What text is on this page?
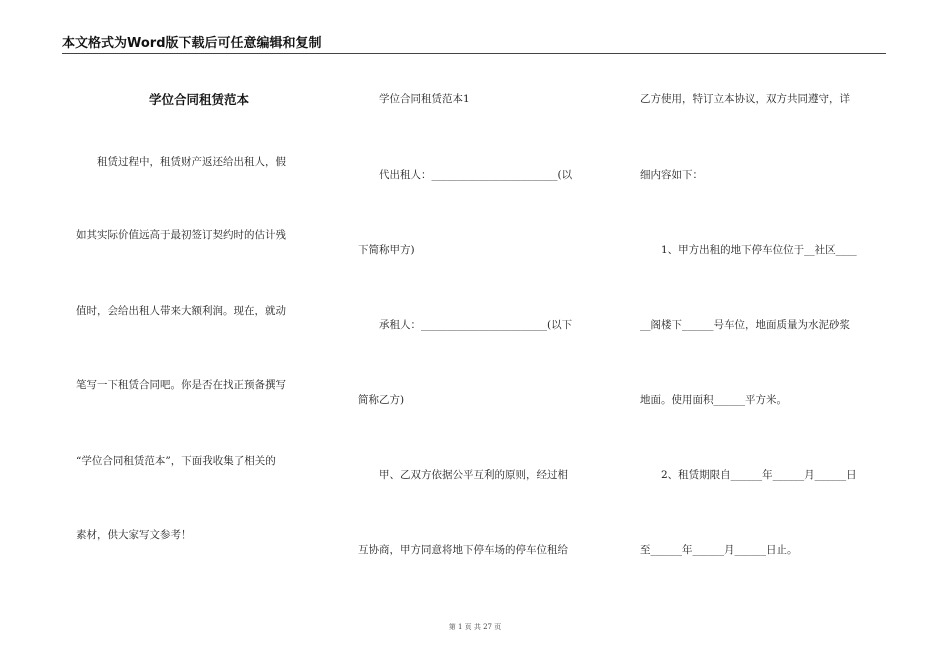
本文格式为Word版下载后可任意编辑和复制
学位合同租赁范本
　　租赁过程中，租赁财产返还给出租人，假
如其实际价值远高于最初签订契约时的估计残
值时，会给出租人带来大额利润。现在，就动
笔写一下租赁合同吧。你是否在找正预备撰写
“学位合同租赁范本”，下面我收集了相关的
素材，供大家写文参考！
　　学位合同租赁范本1
　　代出租人：________________________(以
下简称甲方)
　　承租人：________________________(以下
简称乙方)
　　甲、乙双方依据公平互利的原则，经过相
互协商，甲方同意将地下停车场的停车位租给
乙方使用，特订立本协议，双方共同遵守，详
细内容如下：
　　1、甲方出租的地下停车位位于__社区____
__阁楼下______号车位，地面质量为水泥砂浆
地面。使用面积______平方米。
　　2、租赁期限自______年______月______日
至______年______月______日止。
第 1 页 共 27 页
